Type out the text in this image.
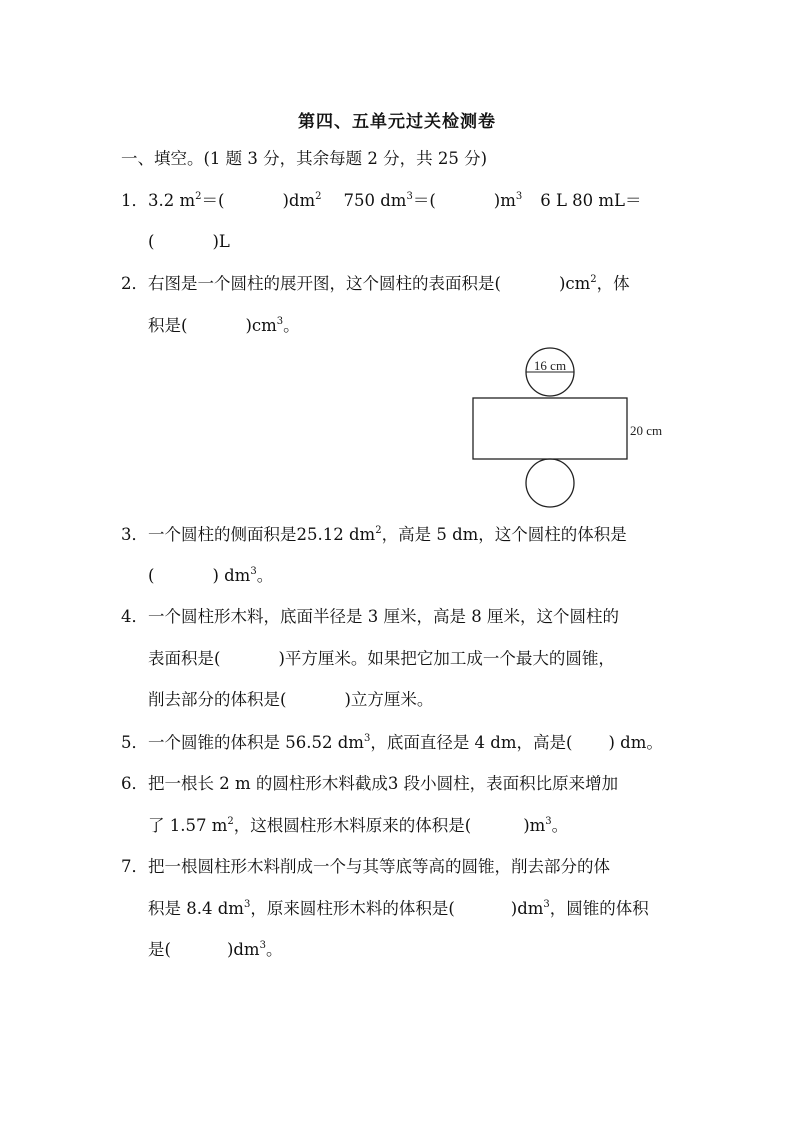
第四、五单元过关检测卷
一、填空。(1 题 3 分，其余每题 2 分，共 25 分)
1．3.2 $m^2=$(	)$dm^2$ 750 $dm^3=$(	)$m^3$ 6 L 80 mL＝
(	)L
2．右图是一个圆柱的展开图，这个圆柱的表面积是(	)$cm^2$，体
积是(	)$cm^3$。
16 cm
20 cm
3．一个圆柱的侧面积是25.12 $dm^2$，高是 5 dm，这个圆柱的体积是
(	) $dm^3$。
4．一个圆柱形木料，底面半径是 3 厘米，高是 8 厘米，这个圆柱的
表面积是(	)平方厘米。如果把它加工成一个最大的圆锥，
削去部分的体积是(	)立方厘米。
5．一个圆锥的体积是 56.52 $dm^3$，底面直径是 4 dm，高是( ) dm。
6．把一根长 2 m 的圆柱形木料截成3 段小圆柱，表面积比原来增加
了 1.57 $m^2$，这根圆柱形木料原来的体积是(	)$m^3$。
7．把一根圆柱形木料削成一个与其等底等高的圆锥，削去部分的体
积是 8.4 $dm^3$，原来圆柱形木料的体积是(	)$dm^3$，圆锥的体积
是(	)$dm^3$。
